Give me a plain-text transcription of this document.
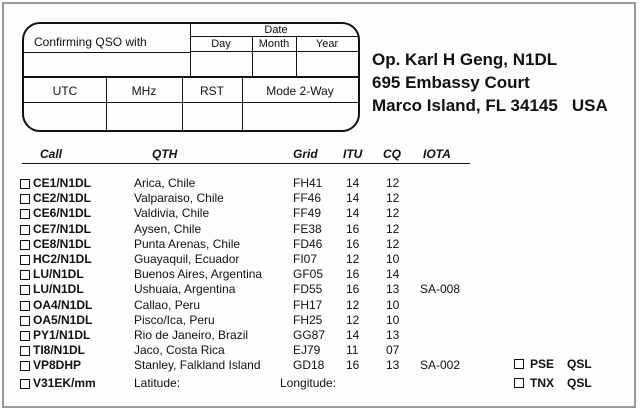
Confirming QSO with
Date
Day	Month	Year
UTC	MHz	RST	Mode 2-Way
Op. Karl H Geng, N1DL
695 Embassy Court
Marco Island, FL 34145 USA
Call	QTH	Grid ITU CQ IOTA
CE1/N1DL	Arica, Chile	FH41 14 12
CE2/N1DL	Valparaiso, Chile	FF46 14 12
CE6/N1DL	Valdivia, Chile	FF49 14 12
CE7/N1DL	Aysen, Chile	FE38 16 12
CE8/N1DL	Punta Arenas, Chile	FD46 16 12
HC2/N1DL	Guayaquil, Ecuador	FI07 12 10
LU/N1DL	Buenos Aires, Argentina	GF05 16 14
LU/N1DL	Ushuaia, Argentina	FD55 16 13 SA-008
OA4/N1DL	Callao, Peru	FH17 12 10
OA5/N1DL	Pisco/Ica, Peru	FH25 12 10
PY1/N1DL	Rio de Janeiro, Brazil	GG87 14 13
TI8/N1DL	Jaco, Costa Rica	EJ79 11 07
VP8DHP	Stanley, Falkland Island	GD18 16 13 SA-002
V31EK/mm	Latitude:	Longitude:
PSE QSL
TNX QSL
